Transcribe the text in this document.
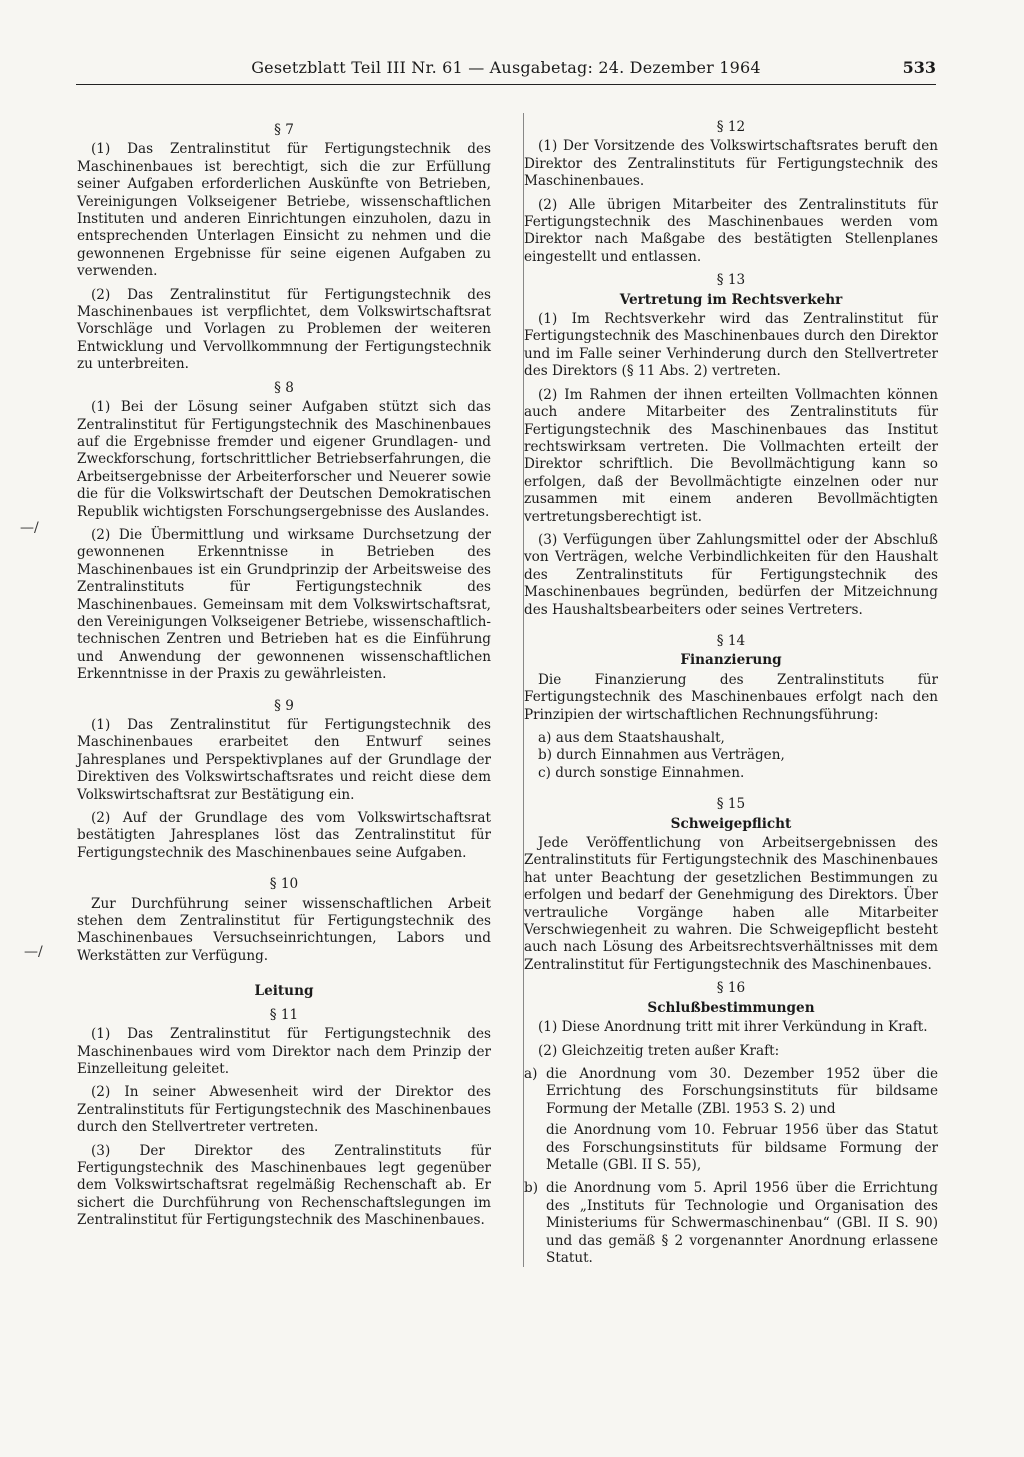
Gesetzblatt Teil III Nr. 61 — Ausgabetag: 24. Dezember 1964	533
—/
—/
§ 7

(1) Das Zentralinstitut für Fertigungstechnik des Maschinenbaues ist berechtigt, sich die zur Erfüllung seiner Aufgaben erforderlichen Auskünfte von Betrieben, Vereinigungen Volkseigener Betriebe, wissenschaftlichen Instituten und anderen Einrichtungen einzuholen, dazu in entsprechenden Unterlagen Einsicht zu nehmen und die gewonnenen Ergebnisse für seine eigenen Aufgaben zu verwenden.

(2) Das Zentralinstitut für Fertigungstechnik des Maschinenbaues ist verpflichtet, dem Volkswirtschaftsrat Vorschläge und Vorlagen zu Problemen der weiteren Entwicklung und Vervollkommnung der Fertigungstechnik zu unterbreiten.

§ 8

(1) Bei der Lösung seiner Aufgaben stützt sich das Zentralinstitut für Fertigungstechnik des Maschinenbaues auf die Ergebnisse fremder und eigener Grundlagen- und Zweckforschung, fortschrittlicher Betriebserfahrungen, die Arbeitsergebnisse der Arbeiterforscher und Neuerer sowie die für die Volkswirtschaft der Deutschen Demokratischen Republik wichtigsten Forschungsergebnisse des Auslandes.

(2) Die Übermittlung und wirksame Durchsetzung der gewonnenen Erkenntnisse in Betrieben des Maschinenbaues ist ein Grundprinzip der Arbeitsweise des Zentralinstituts für Fertigungstechnik des Maschinenbaues. Gemeinsam mit dem Volkswirtschaftsrat, den Vereinigungen Volkseigener Betriebe, wissenschaftlich-technischen Zentren und Betrieben hat es die Einführung und Anwendung der gewonnenen wissenschaftlichen Erkenntnisse in der Praxis zu gewährleisten.

§ 9

(1) Das Zentralinstitut für Fertigungstechnik des Maschinenbaues erarbeitet den Entwurf seines Jahresplanes und Perspektivplanes auf der Grundlage der Direktiven des Volkswirtschaftsrates und reicht diese dem Volkswirtschaftsrat zur Bestätigung ein.

(2) Auf der Grundlage des vom Volkswirtschaftsrat bestätigten Jahresplanes löst das Zentralinstitut für Fertigungstechnik des Maschinenbaues seine Aufgaben.

§ 10

Zur Durchführung seiner wissenschaftlichen Arbeit stehen dem Zentralinstitut für Fertigungstechnik des Maschinenbaues Versuchseinrichtungen, Labors und Werkstätten zur Verfügung.

Leitung
§ 11

(1) Das Zentralinstitut für Fertigungstechnik des Maschinenbaues wird vom Direktor nach dem Prinzip der Einzelleitung geleitet.

(2) In seiner Abwesenheit wird der Direktor des Zentralinstituts für Fertigungstechnik des Maschinenbaues durch den Stellvertreter vertreten.

(3) Der Direktor des Zentralinstituts für Fertigungstechnik des Maschinenbaues legt gegenüber dem Volkswirtschaftsrat regelmäßig Rechenschaft ab. Er sichert die Durchführung von Rechenschaftslegungen im Zentralinstitut für Fertigungstechnik des Maschinenbaues.

§ 12

(1) Der Vorsitzende des Volkswirtschaftsrates beruft den Direktor des Zentralinstituts für Fertigungstechnik des Maschinenbaues.

(2) Alle übrigen Mitarbeiter des Zentralinstituts für Fertigungstechnik des Maschinenbaues werden vom Direktor nach Maßgabe des bestätigten Stellenplanes eingestellt und entlassen.

§ 13
Vertretung im Rechtsverkehr

(1) Im Rechtsverkehr wird das Zentralinstitut für Fertigungstechnik des Maschinenbaues durch den Direktor und im Falle seiner Verhinderung durch den Stellvertreter des Direktors (§ 11 Abs. 2) vertreten.

(2) Im Rahmen der ihnen erteilten Vollmachten können auch andere Mitarbeiter des Zentralinstituts für Fertigungstechnik des Maschinenbaues das Institut rechtswirksam vertreten. Die Vollmachten erteilt der Direktor schriftlich. Die Bevollmächtigung kann so erfolgen, daß der Bevollmächtigte einzelnen oder nur zusammen mit einem anderen Bevollmächtigten vertretungsberechtigt ist.

(3) Verfügungen über Zahlungsmittel oder der Abschluß von Verträgen, welche Verbindlichkeiten für den Haushalt des Zentralinstituts für Fertigungstechnik des Maschinenbaues begründen, bedürfen der Mitzeichnung des Haushaltsbearbeiters oder seines Vertreters.

§ 14
Finanzierung

Die Finanzierung des Zentralinstituts für Fertigungstechnik des Maschinenbaues erfolgt nach den Prinzipien der wirtschaftlichen Rechnungsführung:

a) aus dem Staatshaushalt,
b) durch Einnahmen aus Verträgen,
c) durch sonstige Einnahmen.
§ 15
Schweigepflicht

Jede Veröffentlichung von Arbeitsergebnissen des Zentralinstituts für Fertigungstechnik des Maschinenbaues hat unter Beachtung der gesetzlichen Bestimmungen zu erfolgen und bedarf der Genehmigung des Direktors. Über vertrauliche Vorgänge haben alle Mitarbeiter Verschwiegenheit zu wahren. Die Schweigepflicht besteht auch nach Lösung des Arbeitsrechtsverhältnisses mit dem Zentralinstitut für Fertigungstechnik des Maschinenbaues.

§ 16
Schlußbestimmungen

(1) Diese Anordnung tritt mit ihrer Verkündung in Kraft.

(2) Gleichzeitig treten außer Kraft:

a) die Anordnung vom 30. Dezember 1952 über die Errichtung des Forschungsinstituts für bildsame Formung der Metalle (ZBl. 1953 S. 2) und
die Anordnung vom 10. Februar 1956 über das Statut des Forschungsinstituts für bildsame Formung der Metalle (GBl. II S. 55),
b) die Anordnung vom 5. April 1956 über die Errichtung des „Instituts für Technologie und Organisation des Ministeriums für Schwermaschinenbau“ (GBl. II S. 90) und das gemäß § 2 vorgenannter Anordnung erlassene Statut.
